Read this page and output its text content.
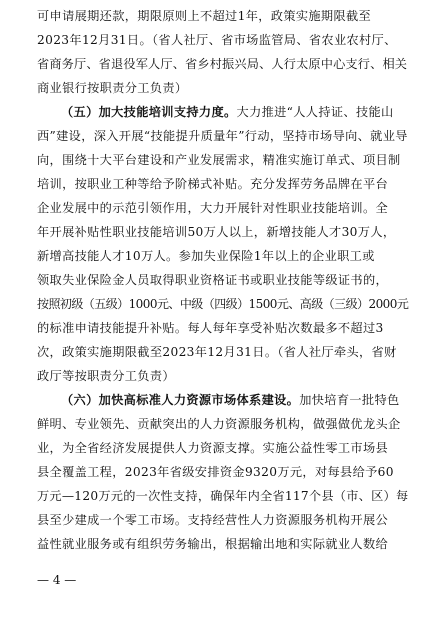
可申请展期还款，期限原则上不超过1年，政策实施期限截至
2023年12月31日。（省人社厅、省市场监管局、省农业农村厅、
省商务厅、省退役军人厅、省乡村振兴局、人行太原中心支行、相关
商业银行按职责分工负责）
（五）加大技能培训支持力度。大力推进“人人持证、技能山
西”建设，深入开展“技能提升质量年”行动，坚持市场导向、就业导
向，围绕十大平台建设和产业发展需求，精准实施订单式、项目制
培训，按职业工种等给予阶梯式补贴。充分发挥劳务品牌在平台
企业发展中的示范引领作用，大力开展针对性职业技能培训。全
年开展补贴性职业技能培训50万人以上，新增技能人才30万人，
新增高技能人才10万人。参加失业保险1年以上的企业职工或
领取失业保险金人员取得职业资格证书或职业技能等级证书的，
按照初级（五级）1000元、中级（四级）1500元、高级（三级）2000元
的标准申请技能提升补贴。每人每年享受补贴次数最多不超过3
次，政策实施期限截至2023年12月31日。（省人社厅牵头，省财
政厅等按职责分工负责）
（六）加快高标准人力资源市场体系建设。加快培育一批特色
鲜明、专业领先、贡献突出的人力资源服务机构，做强做优龙头企
业，为全省经济发展提供人力资源支撑。实施公益性零工市场县
县全覆盖工程，2023年省级安排资金9320万元，对每县给予60
万元—120万元的一次性支持，确保年内全省117个县（市、区）每
县至少建成一个零工市场。支持经营性人力资源服务机构开展公
益性就业服务或有组织劳务输出，根据输出地和实际就业人数给
— 4 —
